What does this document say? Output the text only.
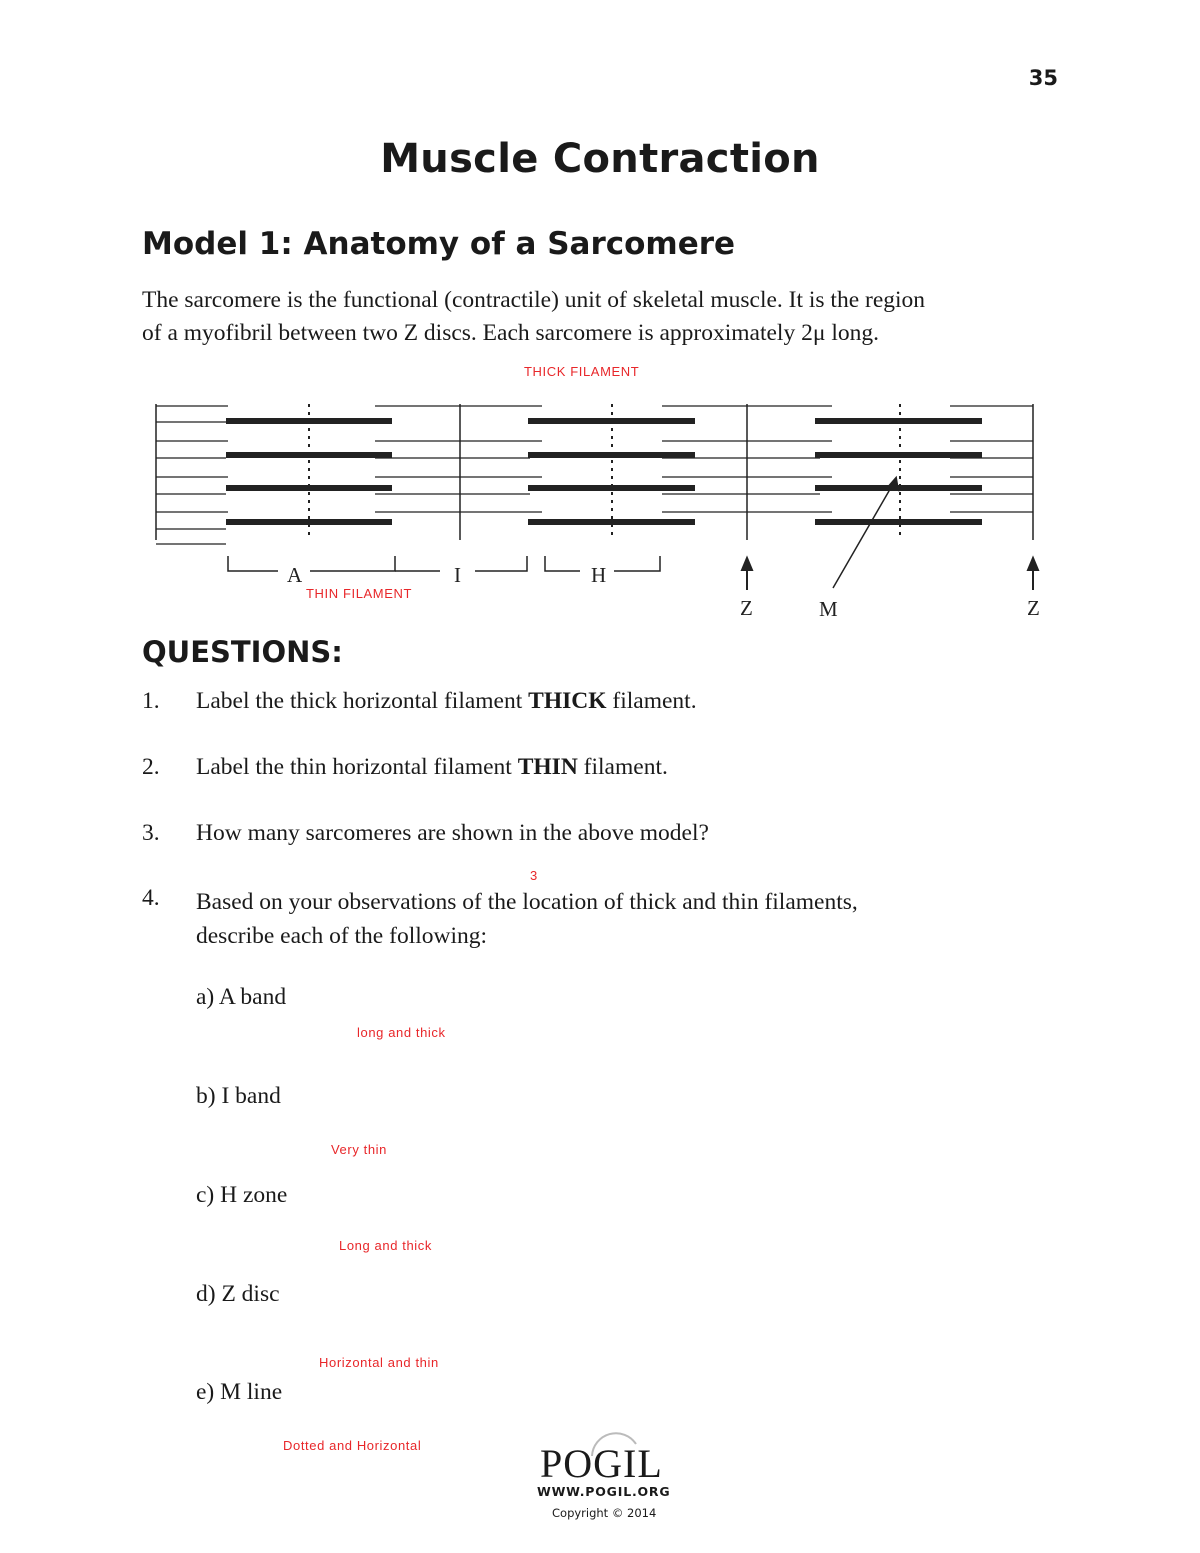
35
Muscle Contraction
Model 1: Anatomy of a Sarcomere
The sarcomere is the functional (contractile) unit of skeletal muscle. It is the region
of a myofibril between two Z discs. Each sarcomere is approximately 2μ long.
A	I	H
Z	M	Z
THICK FILAMENT
THIN FILAMENT
QUESTIONS:
1. Label the thick horizontal filament THICK filament.
2. Label the thin horizontal filament THIN filament.
3. How many sarcomeres are shown in the above model?
3
4. Based on your observations of the location of thick and thin filaments,
describe each of the following:
a) A band
long and thick
b) I band
Very thin
c) H zone
Long and thick
d) Z disc
Horizontal and thin
e) M line
Dotted and Horizontal	POGIL
WWW.POGIL.ORG
Copyright © 2014
